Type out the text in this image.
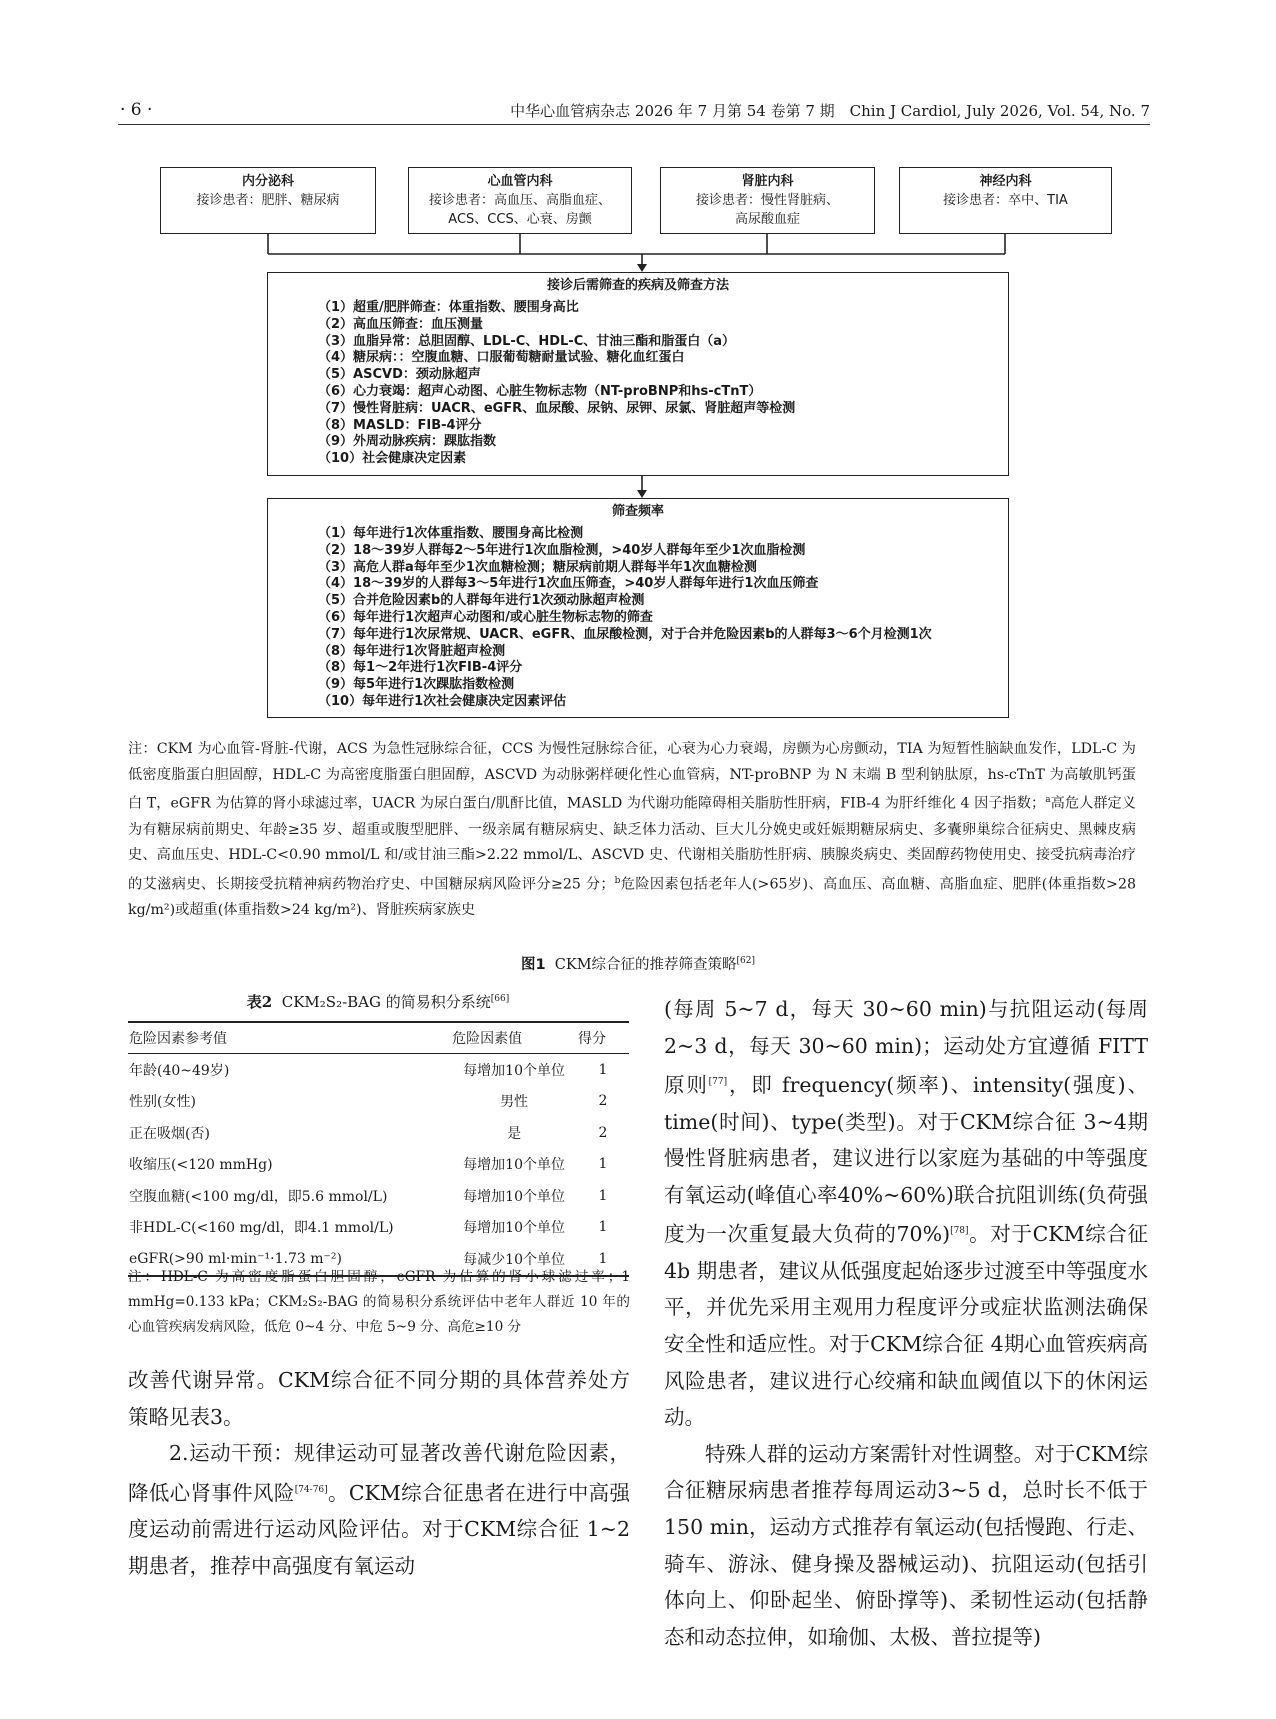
· 6 ·	中华心血管病杂志 2026 年 7 月第 54 卷第 7 期　Chin J Cardiol, July 2026, Vol. 54, No. 7
内分泌科
接诊患者：肥胖、糖尿病
心血管内科
接诊患者：高血压、高脂血症、
ACS、CCS、心衰、房颤
肾脏内科
接诊患者：慢性肾脏病、
高尿酸血症
神经内科
接诊患者：卒中、TIA
接诊后需筛查的疾病及筛查方法
（1）超重/肥胖筛查：体重指数、腰围身高比
（2）高血压筛查：血压测量
（3）血脂异常：总胆固醇、LDL-C、HDL-C、甘油三酯和脂蛋白（a）
（4）糖尿病：：空腹血糖、口服葡萄糖耐量试验、糖化血红蛋白
（5）ASCVD：颈动脉超声
（6）心力衰竭：超声心动图、心脏生物标志物（NT-proBNP和hs-cTnT）
（7）慢性肾脏病：UACR、eGFR、血尿酸、尿钠、尿钾、尿氯、肾脏超声等检测
（8）MASLD：FIB-4评分
（9）外周动脉疾病：踝肱指数
（10）社会健康决定因素
筛查频率
（1）每年进行1次体重指数、腰围身高比检测
（2）18～39岁人群每2～5年进行1次血脂检测，>40岁人群每年至少1次血脂检测
（3）高危人群a每年至少1次血糖检测；糖尿病前期人群每半年1次血糖检测
（4）18～39岁的人群每3～5年进行1次血压筛查，>40岁人群每年进行1次血压筛查
（5）合并危险因素b的人群每年进行1次颈动脉超声检测
（6）每年进行1次超声心动图和/或心脏生物标志物的筛查
（7）每年进行1次尿常规、UACR、eGFR、血尿酸检测，对于合并危险因素b的人群每3～6个月检测1次
（8）每年进行1次肾脏超声检测
（8）每1～2年进行1次FIB-4评分
（9）每5年进行1次踝肱指数检测
（10）每年进行1次社会健康决定因素评估
注：CKM 为心血管-肾脏-代谢，ACS 为急性冠脉综合征，CCS 为慢性冠脉综合征，心衰为心力衰竭，房颤为心房颤动，TIA 为短暂性脑缺血发作，LDL-C 为低密度脂蛋白胆固醇，HDL-C 为高密度脂蛋白胆固醇，ASCVD 为动脉粥样硬化性心血管病，NT-proBNP 为 N 末端 B 型利钠肽原，hs-cTnT 为高敏肌钙蛋白 T，eGFR 为估算的肾小球滤过率，UACR 为尿白蛋白/肌酐比值，MASLD 为代谢功能障碍相关脂肪性肝病，FIB-4 为肝纤维化 4 因子指数；$^a$高危人群定义为有糖尿病前期史、年龄≥35 岁、超重或腹型肥胖、一级亲属有糖尿病史、缺乏体力活动、巨大儿分娩史或妊娠期糖尿病史、多囊卵巢综合征病史、黑棘皮病史、高血压史、HDL-C<0.90 mmol/L 和/或甘油三酯>2.22 mmol/L、ASCVD 史、代谢相关脂肪性肝病、胰腺炎病史、类固醇药物使用史、接受抗病毒治疗的艾滋病史、长期接受抗精神病药物治疗史、中国糖尿病风险评分≥25 分；$^b$危险因素包括老年人(>65岁)、高血压、高血糖、高脂血症、肥胖(体重指数>28 kg/m²)或超重(体重指数>24 kg/m²)、肾脏疾病家族史
图1 CKM综合征的推荐筛查策略[62]
表2 CKM₂S₂-BAG 的简易积分系统[66]
危险因素参考值	危险因素值	得分
年龄(40~49岁)	每增加10个单位	1
性别(女性)	男性	2
正在吸烟(否)	是	2
收缩压(<120 mmHg)	每增加10个单位	1
空腹血糖(<100 mg/dl，即5.6 mmol/L)	每增加10个单位	1
非HDL-C(<160 mg/dl，即4.1 mmol/L)	每增加10个单位	1
eGFR(>90 ml·min⁻¹·1.73 m⁻²)	每减少10个单位	1
注：HDL-C 为高密度脂蛋白胆固醇，eGFR 为估算的肾小球滤过率；1 mmHg=0.133 kPa；CKM₂S₂-BAG 的简易积分系统评估中老年人群近 10 年的心血管疾病发病风险，低危 0~4 分、中危 5~9 分、高危≥10 分

改善代谢异常。CKM综合征不同分期的具体营养处方策略见表3。

2.运动干预：规律运动可显著改善代谢危险因素，降低心肾事件风险[74-76]。CKM综合征患者在进行中高强度运动前需进行运动风险评估。对于CKM综合征 1~2 期患者，推荐中高强度有氧运动

(每周 5~7 d，每天 30~60 min)与抗阻运动(每周 2~3 d，每天 30~60 min)；运动处方宜遵循 FITT 原则[77]，即 frequency(频率)、intensity(强度)、time(时间)、type(类型)。对于CKM综合征 3~4期慢性肾脏病患者，建议进行以家庭为基础的中等强度有氧运动(峰值心率40%~60%)联合抗阻训练(负荷强度为一次重复最大负荷的70%)[78]。对于CKM综合征 4b 期患者，建议从低强度起始逐步过渡至中等强度水平，并优先采用主观用力程度评分或症状监测法确保安全性和适应性。对于CKM综合征 4期心血管疾病高风险患者，建议进行心绞痛和缺血阈值以下的休闲运动。

特殊人群的运动方案需针对性调整。对于CKM综合征糖尿病患者推荐每周运动3~5 d，总时长不低于150 min，运动方式推荐有氧运动(包括慢跑、行走、骑车、游泳、健身操及器械运动)、抗阻运动(包括引体向上、仰卧起坐、俯卧撑等)、柔韧性运动(包括静态和动态拉伸，如瑜伽、太极、普拉提等)
